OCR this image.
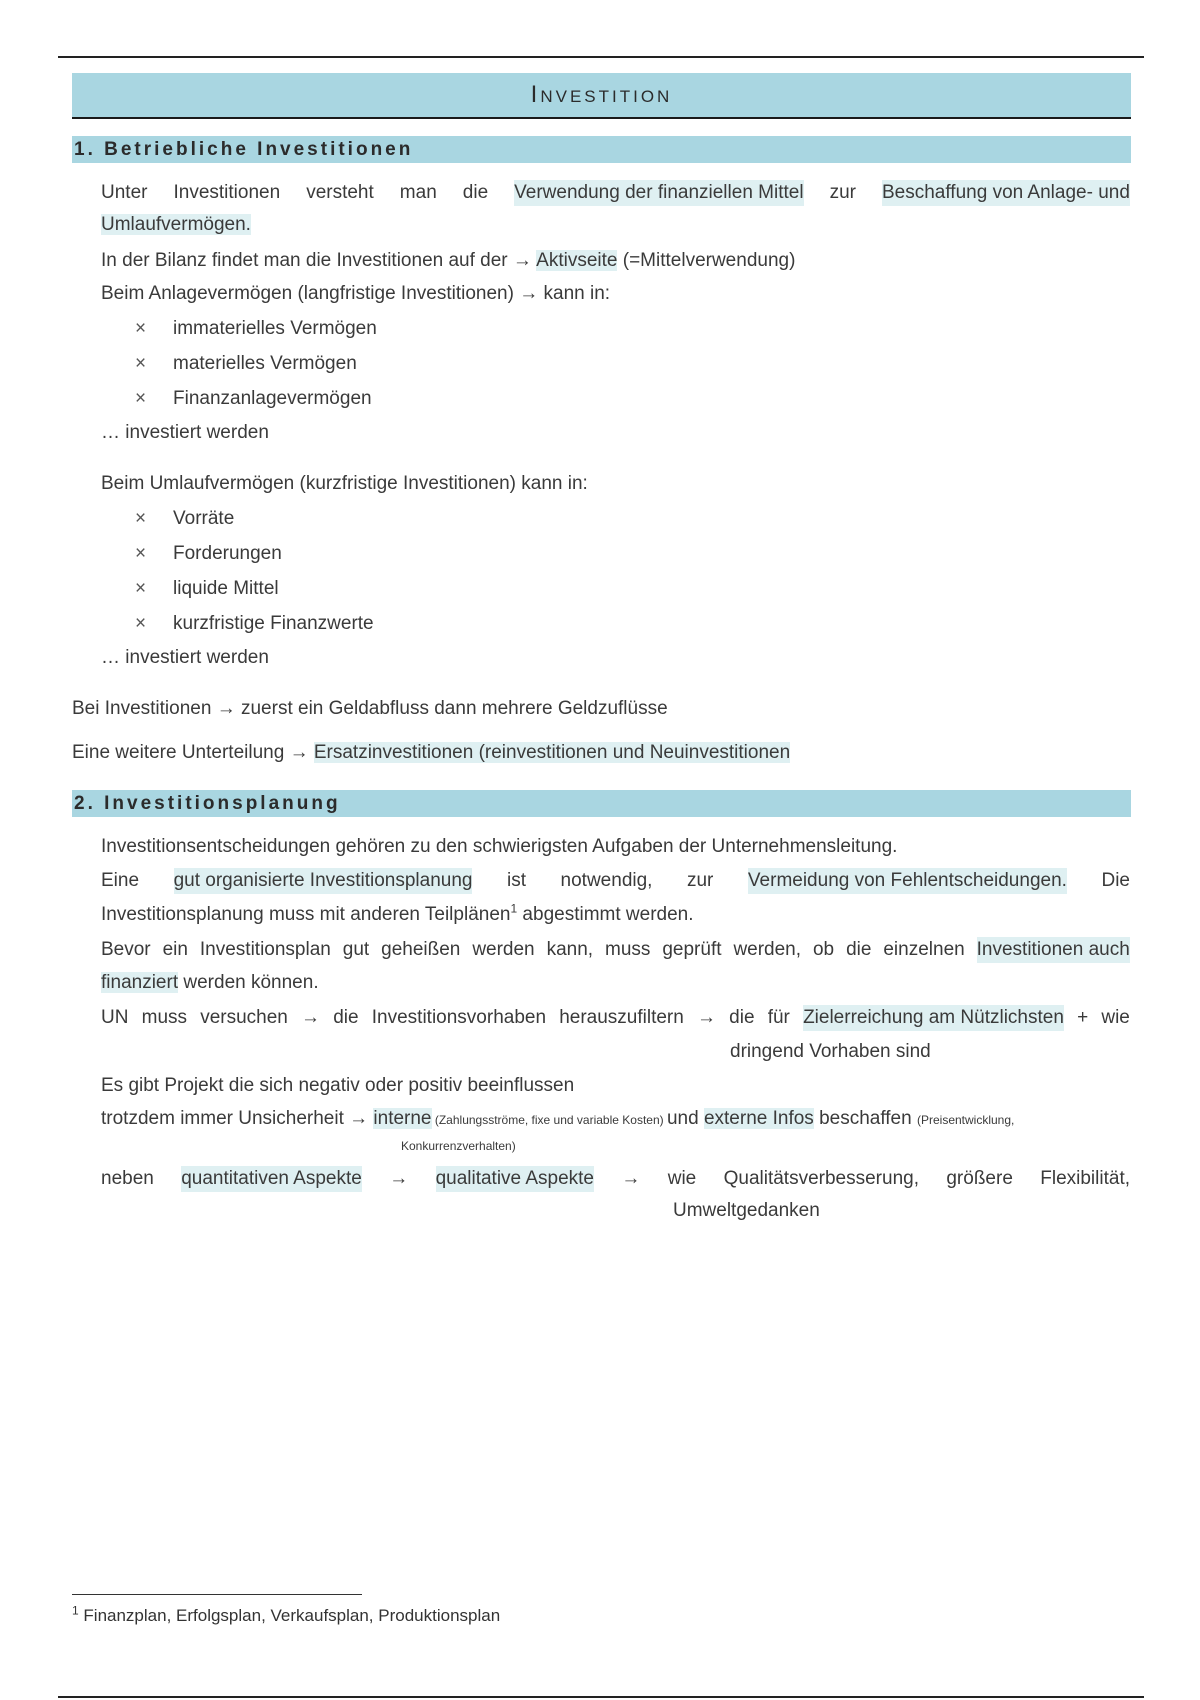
Investition
1. Betriebliche Investitionen
Unter Investitionen versteht man die Verwendung der finanziellen Mittel zur Beschaffung von Anlage- und
Umlaufvermögen.
In der Bilanz findet man die Investitionen auf der → Aktivseite (=Mittelverwendung)
Beim Anlagevermögen (langfristige Investitionen) → kann in:
× immaterielles Vermögen
× materielles Vermögen
× Finanzanlagevermögen
… investiert werden
Beim Umlaufvermögen (kurzfristige Investitionen) kann in:
× Vorräte
× Forderungen
× liquide Mittel
× kurzfristige Finanzwerte
… investiert werden
Bei Investitionen → zuerst ein Geldabfluss dann mehrere Geldzuflüsse
Eine weitere Unterteilung → Ersatzinvestitionen (reinvestitionen und Neuinvestitionen
2. Investitionsplanung
Investitionsentscheidungen gehören zu den schwierigsten Aufgaben der Unternehmensleitung.
Eine gut organisierte Investitionsplanung ist notwendig, zur Vermeidung von Fehlentscheidungen. Die
Investitionsplanung muss mit anderen Teilplänen$^1$ abgestimmt werden.
Bevor ein Investitionsplan gut geheißen werden kann, muss geprüft werden, ob die einzelnen Investitionen auch
finanziert werden können.
UN muss versuchen → die Investitionsvorhaben herauszufiltern → die für Zielerreichung am Nützlichsten + wie
dringend Vorhaben sind
Es gibt Projekt die sich negativ oder positiv beeinflussen
trotzdem immer Unsicherheit → interne (Zahlungsströme, fixe und variable Kosten) und externe Infos beschaffen (Preisentwicklung,
Konkurrenzverhalten)
neben quantitativen Aspekte → qualitative Aspekte → wie Qualitätsverbesserung, größere Flexibilität,
Umweltgedanken
$^1$ Finanzplan, Erfolgsplan, Verkaufsplan, Produktionsplan
